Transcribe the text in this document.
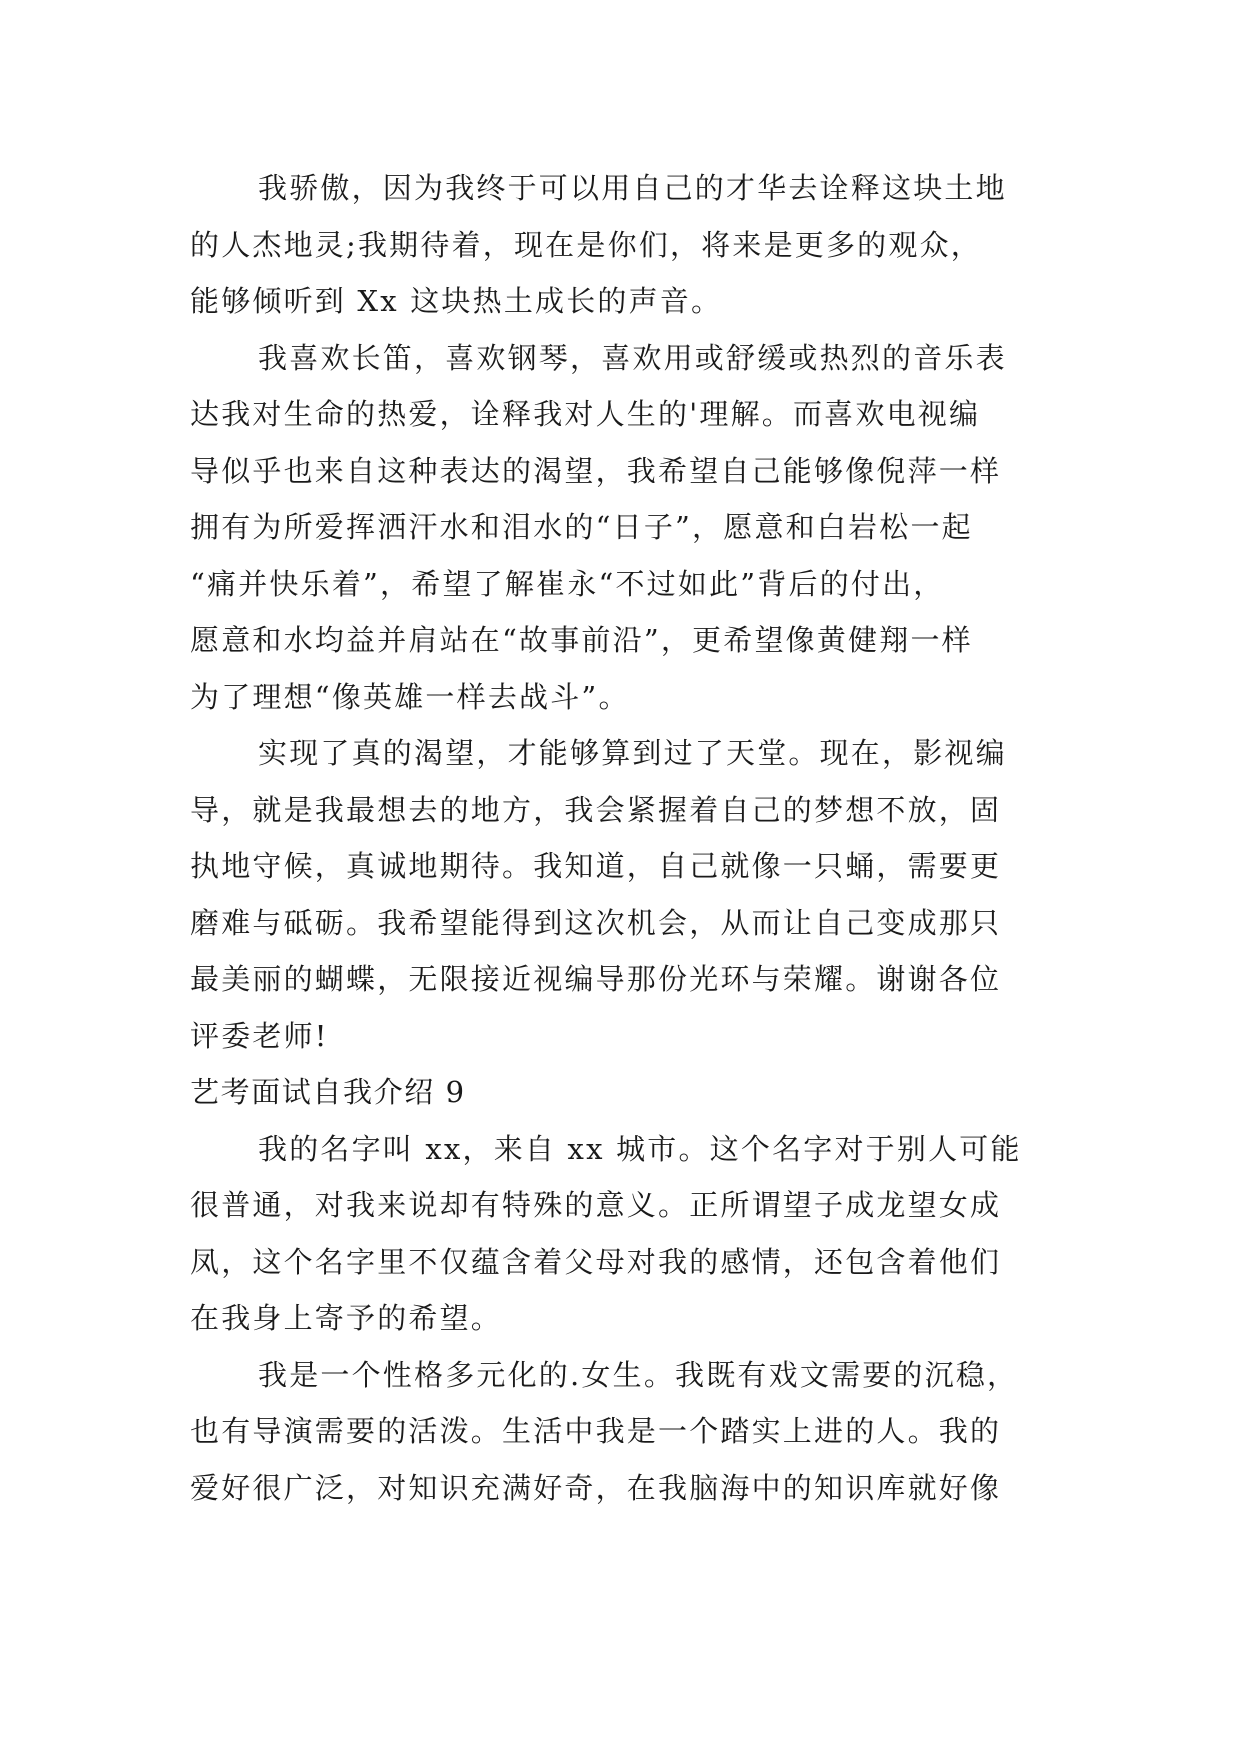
我骄傲，因为我终于可以用自己的才华去诠释这块土地
的人杰地灵;我期待着，现在是你们，将来是更多的观众，
能够倾听到 Xx 这块热土成长的声音。
我喜欢长笛，喜欢钢琴，喜欢用或舒缓或热烈的音乐表
达我对生命的热爱，诠释我对人生的'理解。而喜欢电视编
导似乎也来自这种表达的渴望，我希望自己能够像倪萍一样
拥有为所爱挥洒汗水和泪水的“日子”，愿意和白岩松一起
“痛并快乐着”，希望了解崔永“不过如此”背后的付出，
愿意和水均益并肩站在“故事前沿”，更希望像黄健翔一样
为了理想“像英雄一样去战斗”。
实现了真的渴望，才能够算到过了天堂。现在，影视编
导，就是我最想去的地方，我会紧握着自己的梦想不放，固
执地守候，真诚地期待。我知道，自己就像一只蛹，需要更
磨难与砥砺。我希望能得到这次机会，从而让自己变成那只
最美丽的蝴蝶，无限接近视编导那份光环与荣耀。谢谢各位
评委老师!
艺考面试自我介绍 9
我的名字叫 xx，来自 xx 城市。这个名字对于别人可能
很普通，对我来说却有特殊的意义。正所谓望子成龙望女成
凤，这个名字里不仅蕴含着父母对我的感情，还包含着他们
在我身上寄予的希望。
我是一个性格多元化的.女生。我既有戏文需要的沉稳，
也有导演需要的活泼。生活中我是一个踏实上进的人。我的
爱好很广泛，对知识充满好奇，在我脑海中的知识库就好像
